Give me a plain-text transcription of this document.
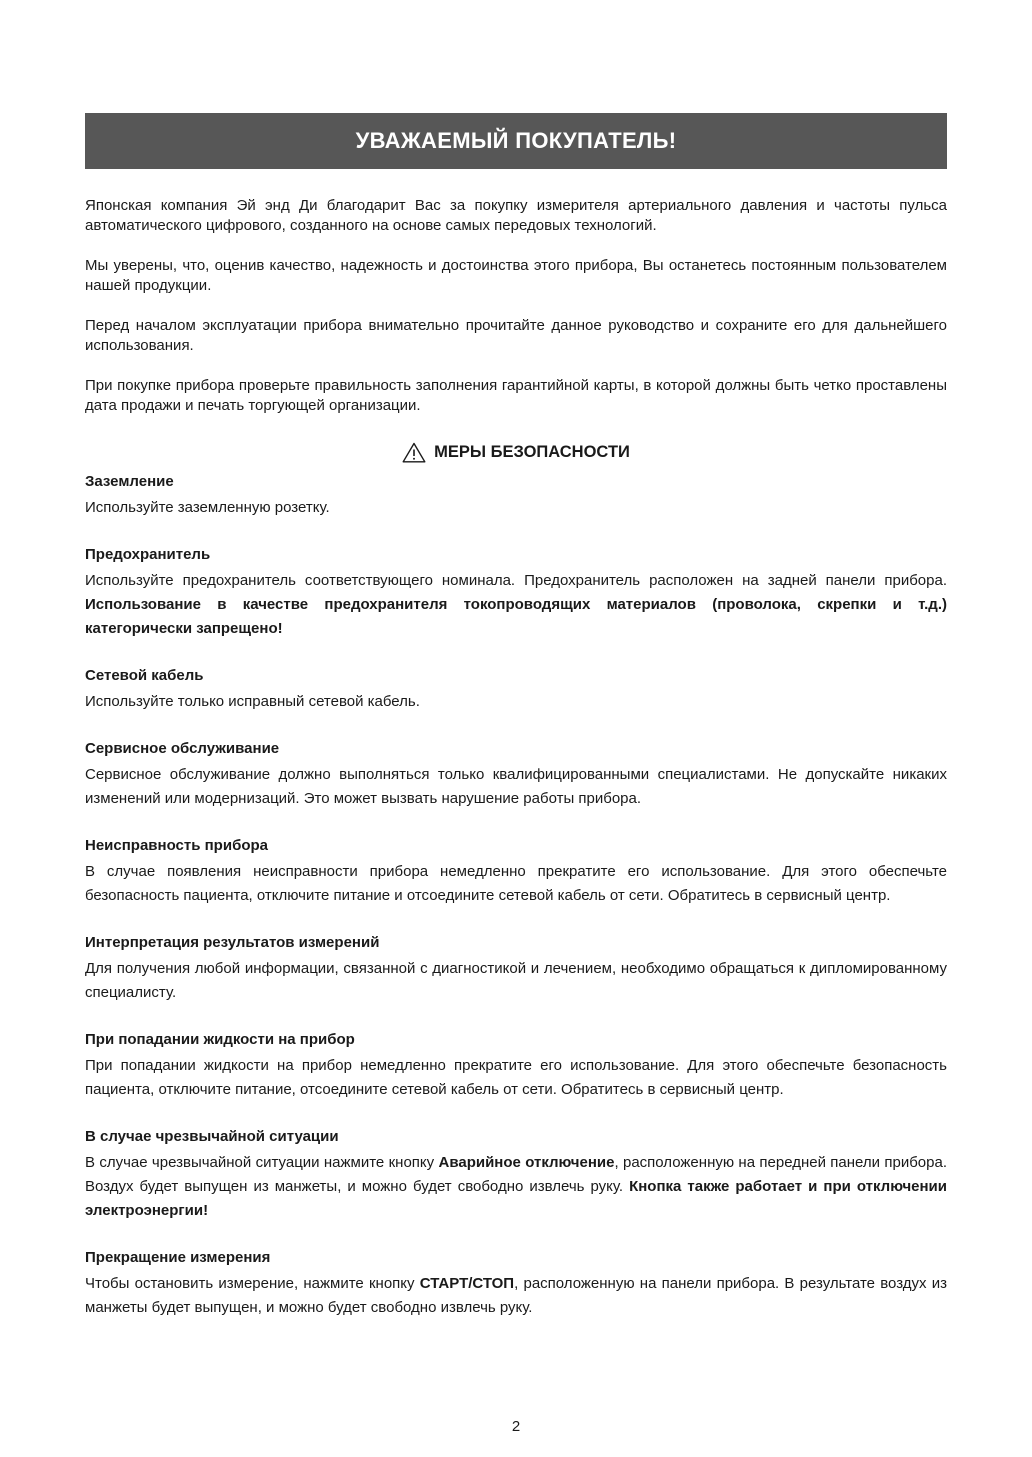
УВАЖАЕМЫЙ ПОКУПАТЕЛЬ!

Японская компания Эй энд Ди благодарит Вас за покупку измерителя артериального давления и частоты пульса автоматического цифрового, созданного на основе самых передовых технологий.

Мы уверены, что, оценив качество, надежность и достоинства этого прибора, Вы останетесь постоянным пользователем нашей продукции.

Перед началом эксплуатации прибора внимательно прочитайте данное руководство и сохраните его для дальнейшего использования.

При покупке прибора проверьте правильность заполнения гарантийной карты, в которой должны быть четко проставлены дата продажи и печать торгующей организации.

МЕРЫ БЕЗОПАСНОСТИ
Заземление

Используйте заземленную розетку.

Предохранитель

Используйте предохранитель соответствующего номинала. Предохранитель расположен на задней панели прибора. Использование в качестве предохранителя токопроводящих материалов (проволока, скрепки и т.д.) категорически запрещено!

Сетевой кабель

Используйте только исправный сетевой кабель.

Сервисное обслуживание

Сервисное обслуживание должно выполняться только квалифицированными специалистами. Не допускайте никаких изменений или модернизаций. Это может вызвать нарушение работы прибора.

Неисправность прибора

В случае появления неисправности прибора немедленно прекратите его использование. Для этого обеспечьте безопасность пациента, отключите питание и отсоедините сетевой кабель от сети. Обратитесь в сервисный центр.

Интерпретация результатов измерений

Для получения любой информации, связанной с диагностикой и лечением, необходимо обращаться к дипломированному специалисту.

При попадании жидкости на прибор

При попадании жидкости на прибор немедленно прекратите его использование. Для этого обеспечьте безопасность пациента, отключите питание, отсоедините сетевой кабель от сети. Обратитесь в сервисный центр.

В случае чрезвычайной ситуации

В случае чрезвычайной ситуации нажмите кнопку Аварийное отключение, расположенную на передней панели прибора. Воздух будет выпущен из манжеты, и можно будет свободно извлечь руку. Кнопка также работает и при отключении электроэнергии!

Прекращение измерения

Чтобы остановить измерение, нажмите кнопку СТАРТ/СТОП, расположенную на панели прибора. В результате воздух из манжеты будет выпущен, и можно будет свободно извлечь руку.

2
